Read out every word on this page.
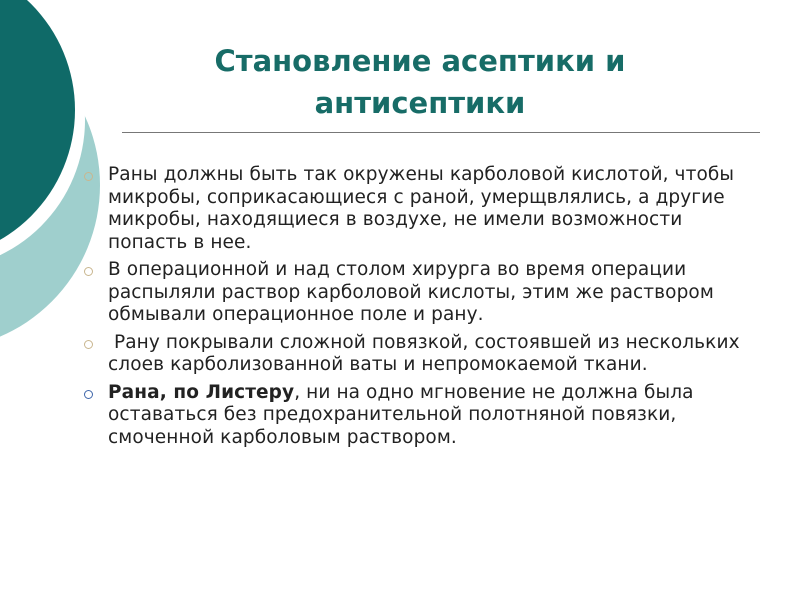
Становление асептики и антисептики
Раны должны быть так окружены карболовой кислотой, чтобы микробы, соприкасающиеся с раной, умерщвлялись, а другие микробы, находящиеся в воздухе, не имели возможности попасть в нее.
В операционной и над столом хирурга во время операции распыляли раствор карболовой кислоты, этим же раствором обмывали операционное поле и рану.
Рану покрывали сложной повязкой, состоявшей из нескольких слоев карболизованной ваты и непромокаемой ткани.
Рана, по Листеру, ни на одно мгновение не должна была оставаться без предохранительной полотняной повязки, смоченной карболовым раствором.
